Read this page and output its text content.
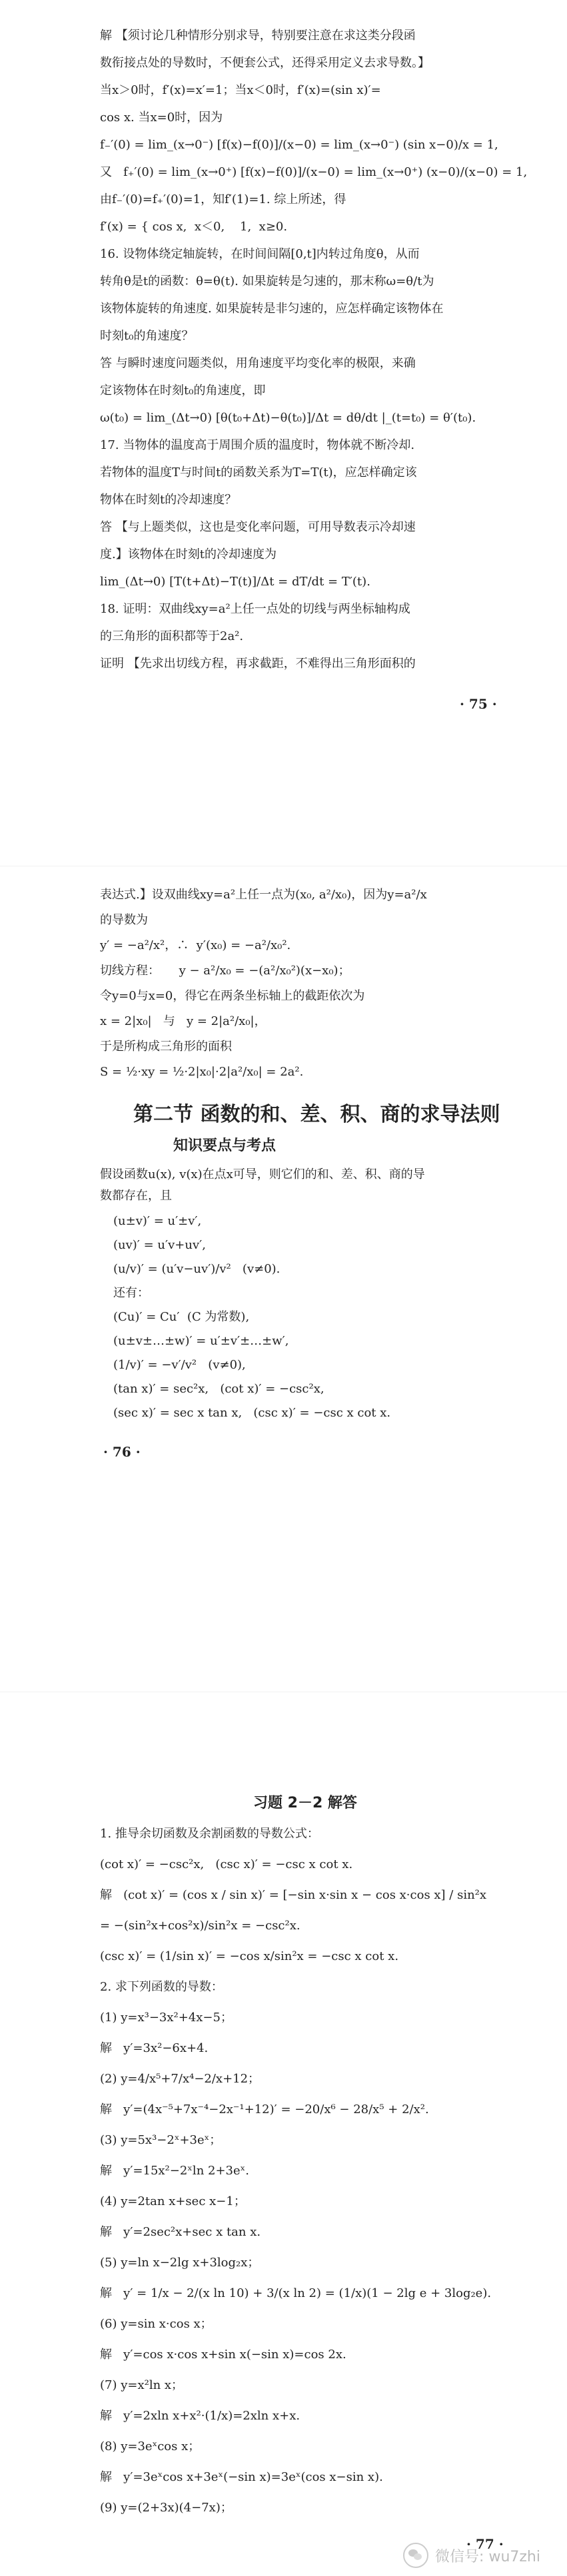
解 【须讨论几种情形分别求导，特别要注意在求这类分段函
数衔接点处的导数时，不便套公式，还得采用定义去求导数。】
当x＞0时，f′(x)=x′=1；当x＜0时，f′(x)=(sin x)′=
cos x. 当x=0时，因为
f₋′(0) = lim_(x→0⁻) [f(x)−f(0)]/(x−0) = lim_(x→0⁻) (sin x−0)/x = 1,
又   f₊′(0) = lim_(x→0⁺) [f(x)−f(0)]/(x−0) = lim_(x→0⁺) (x−0)/(x−0) = 1,
由f₋′(0)=f₊′(0)=1，知f′(1)=1. 综上所述，得
f′(x) = { cos x,  x＜0,    1,  x≥0.
16. 设物体绕定轴旋转，在时间间隔[0,t]内转过角度θ，从而
转角θ是t的函数：θ=θ(t). 如果旋转是匀速的，那末称ω=θ/t为
该物体旋转的角速度. 如果旋转是非匀速的，应怎样确定该物体在
时刻t₀的角速度？
答 与瞬时速度问题类似，用角速度平均变化率的极限，来确
定该物体在时刻t₀的角速度，即
ω(t₀) = lim_(Δt→0) [θ(t₀+Δt)−θ(t₀)]/Δt = dθ/dt |_(t=t₀) = θ′(t₀).
17. 当物体的温度高于周围介质的温度时，物体就不断冷却.
若物体的温度T与时间t的函数关系为T=T(t)，应怎样确定该
物体在时刻t的冷却速度？
答 【与上题类似，这也是变化率问题，可用导数表示冷却速
度.】该物体在时刻t的冷却速度为
lim_(Δt→0) [T(t+Δt)−T(t)]/Δt = dT/dt = T′(t).
18. 证明：双曲线xy=a²上任一点处的切线与两坐标轴构成
的三角形的面积都等于2a².
证明 【先求出切线方程，再求截距，不难得出三角形面积的
· 75 ·
表达式.】设双曲线xy=a²上任一点为(x₀, a²/x₀)，因为y=a²/x
的导数为
y′ = −a²/x²，∴  y′(x₀) = −a²/x₀².
切线方程：     y − a²/x₀ = −(a²/x₀²)(x−x₀)；
令y=0与x=0，得它在两条坐标轴上的截距依次为
x = 2|x₀|   与   y = 2|a²/x₀|，
于是所构成三角形的面积
S = ½·xy = ½·2|x₀|·2|a²/x₀| = 2a².
第二节 函数的和、差、积、商的求导法则
知识要点与考点
假设函数u(x), v(x)在点x可导，则它们的和、差、积、商的导
数都存在，且
(u±v)′ = u′±v′,
(uv)′ = u′v+uv′,
(u/v)′ = (u′v−uv′)/v²   (v≠0).
还有：
(Cu)′ = Cu′  (C 为常数),
(u±v±…±w)′ = u′±v′±…±w′,
(1/v)′ = −v′/v²   (v≠0),
(tan x)′ = sec²x,   (cot x)′ = −csc²x,
(sec x)′ = sec x tan x,   (csc x)′ = −csc x cot x.
· 76 ·
习题 2－2 解答
1. 推导余切函数及余割函数的导数公式：
(cot x)′ = −csc²x,   (csc x)′ = −csc x cot x.
解   (cot x)′ = (cos x / sin x)′ = [−sin x·sin x − cos x·cos x] / sin²x
= −(sin²x+cos²x)/sin²x = −csc²x.
(csc x)′ = (1/sin x)′ = −cos x/sin²x = −csc x cot x.
2. 求下列函数的导数：
(1) y=x³−3x²+4x−5；
解   y′=3x²−6x+4.
(2) y=4/x⁵+7/x⁴−2/x+12；
解   y′=(4x⁻⁵+7x⁻⁴−2x⁻¹+12)′ = −20/x⁶ − 28/x⁵ + 2/x².
(3) y=5x³−2ˣ+3eˣ；
解   y′=15x²−2ˣln 2+3eˣ.
(4) y=2tan x+sec x−1；
解   y′=2sec²x+sec x tan x.
(5) y=ln x−2lg x+3log₂x；
解   y′ = 1/x − 2/(x ln 10) + 3/(x ln 2) = (1/x)(1 − 2lg e + 3log₂e).
(6) y=sin x·cos x；
解   y′=cos x·cos x+sin x(−sin x)=cos 2x.
(7) y=x²ln x；
解   y′=2xln x+x²·(1/x)=2xln x+x.
(8) y=3eˣcos x；
解   y′=3eˣcos x+3eˣ(−sin x)=3eˣ(cos x−sin x).
(9) y=(2+3x)(4−7x)；
· 77 ·
微信号: wu7zhi
